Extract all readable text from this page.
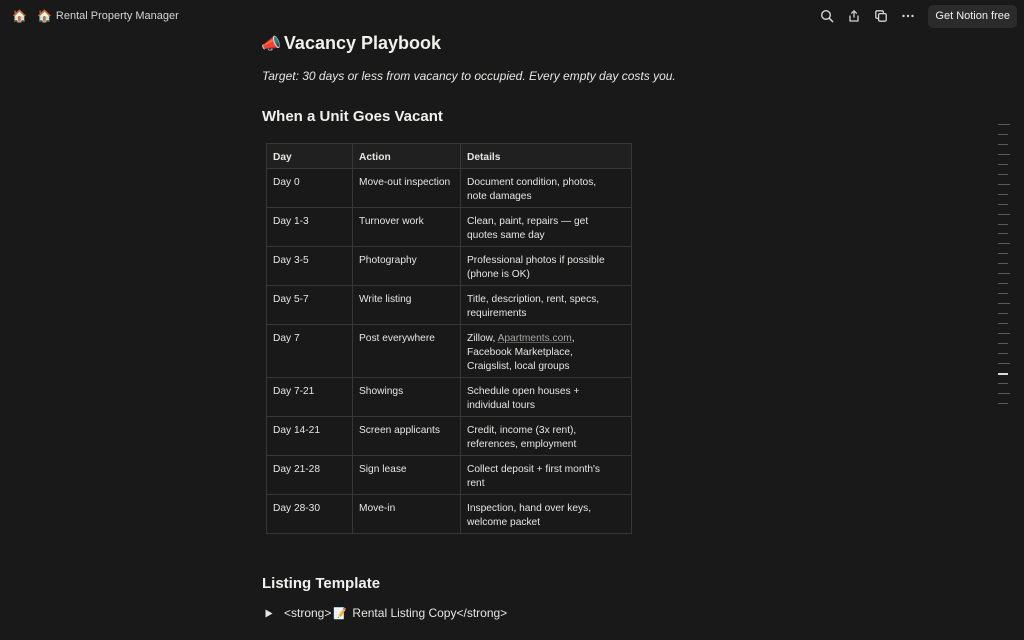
🏠 🏠 Rental Property Manager	Get Notion free
📣 Vacancy Playbook
Target: 30 days or less from vacancy to occupied. Every empty day costs you.
When a Unit Goes Vacant
Day	Action	Details
Day 0	Move-out inspection	Document condition, photos,
note damages
Day 1-3	Turnover work	Clean, paint, repairs — get
quotes same day
Day 3-5	Photography	Professional photos if possible
(phone is OK)
Day 5-7	Write listing	Title, description, rent, specs,
requirements
Day 7	Post everywhere	Zillow, Apartments.com,
Facebook Marketplace,
Craigslist, local groups
Day 7-21	Showings	Schedule open houses +
individual tours
Day 14-21	Screen applicants	Credit, income (3x rent),
references, employment
Day 21-28	Sign lease	Collect deposit + first month's
rent
Day 28-30	Move-in	Inspection, hand over keys,
welcome packet
Listing Template
<strong> 📝 Rental Listing Copy</strong>
